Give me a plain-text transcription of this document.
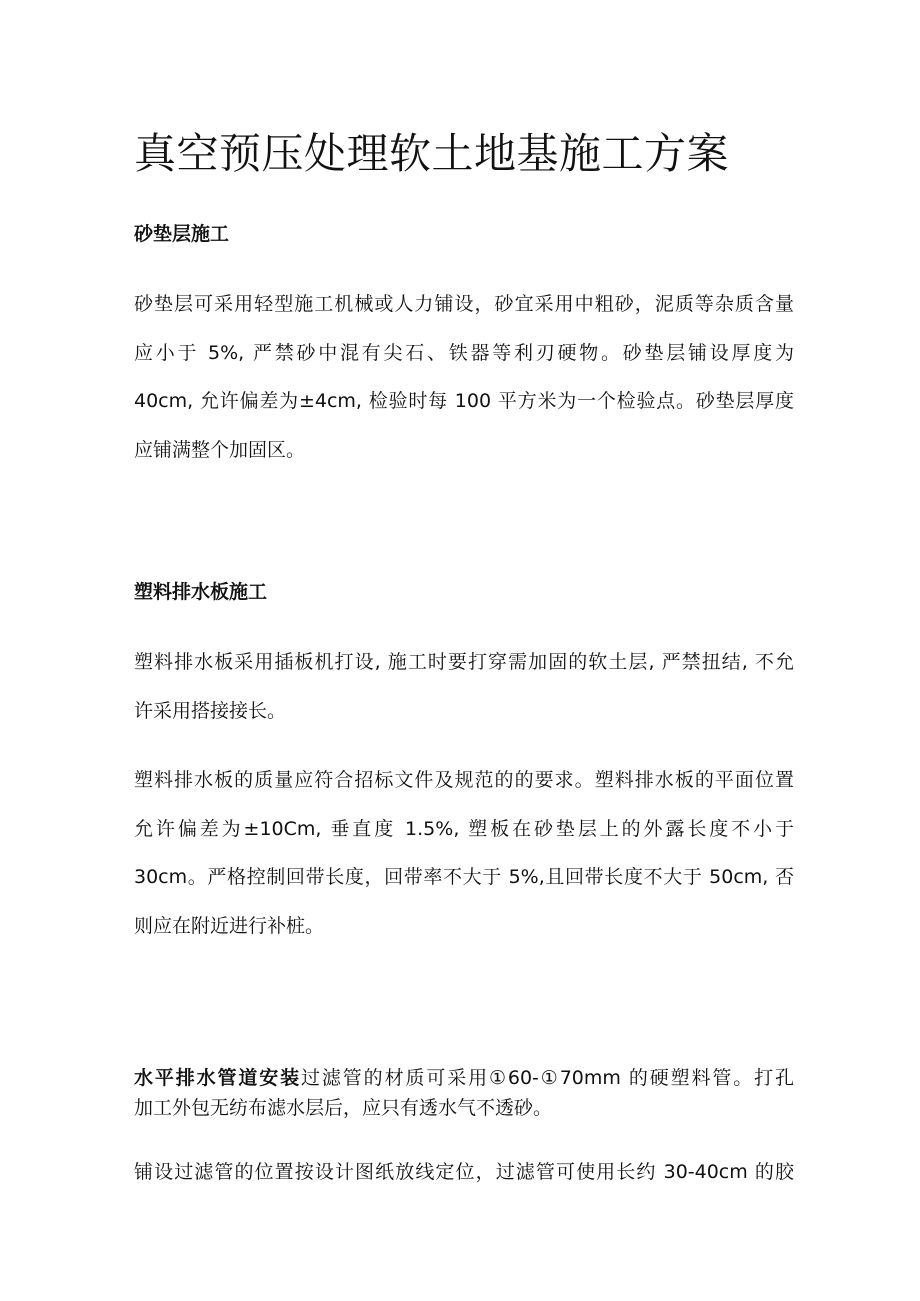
真空预压处理软土地基施工方案
砂垫层施工
砂垫层可采用轻型施工机械或人力铺设，砂宜采用中粗砂，泥质等杂质含量
应小于 5%, 严禁砂中混有尖石、铁器等利刃硬物。砂垫层铺设厚度为
40cm, 允许偏差为±4cm, 检验时每 100 平方米为一个检验点。砂垫层厚度
应铺满整个加固区。
塑料排水板施工
塑料排水板采用插板机打设, 施工时要打穿需加固的软土层, 严禁扭结, 不允
许采用搭接接长。
塑料排水板的质量应符合招标文件及规范的的要求。塑料排水板的平面位置
允许偏差为±10Cm, 垂直度 1.5%, 塑板在砂垫层上的外露长度不小于
30cm。严格控制回带长度，回带率不大于 5%,且回带长度不大于 50cm, 否
则应在附近进行补桩。
水平排水管道安装过滤管的材质可采用①60-①70mm 的硬塑料管。打孔
加工外包无纺布滤水层后，应只有透水气不透砂。
铺设过滤管的位置按设计图纸放线定位，过滤管可使用长约 30-40cm 的胶
